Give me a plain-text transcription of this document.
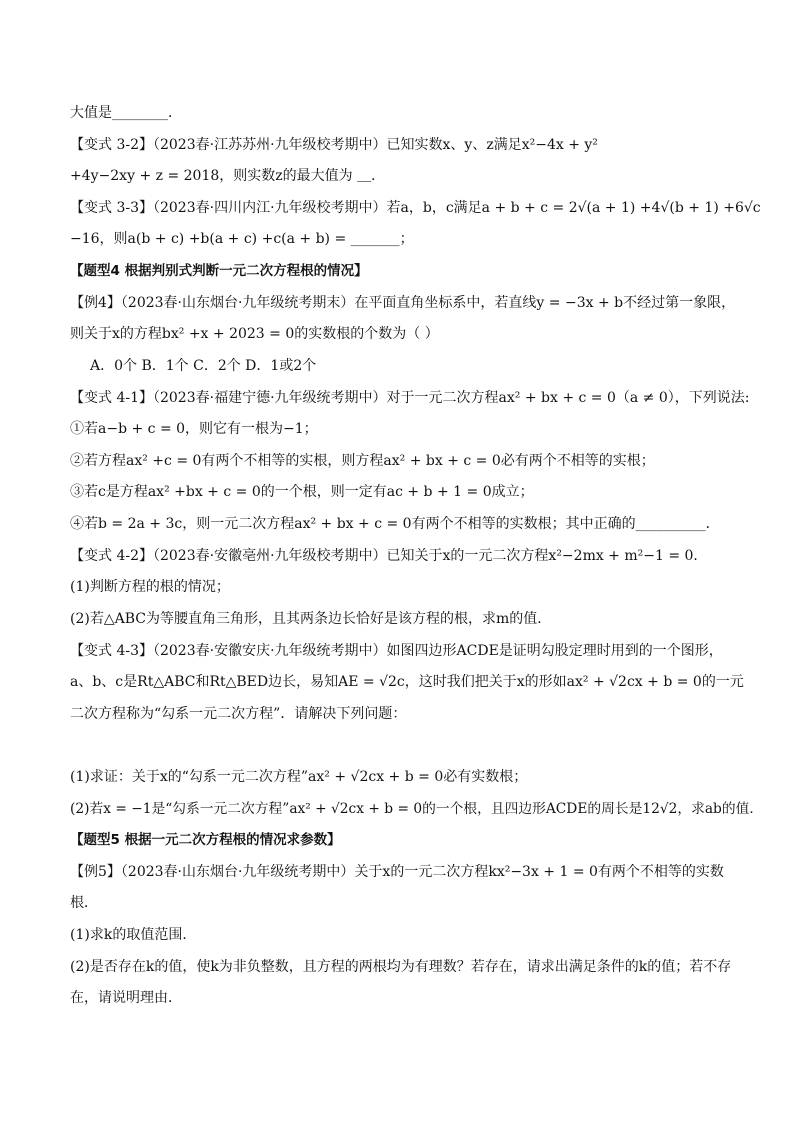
大值是________．
【变式 3-2】（2023春·江苏苏州·九年级校考期中）已知实数x、y、z满足x²−4x + y²
+4y−2xy + z = 2018，则实数z的最大值为 ＿．
【变式 3-3】（2023春·四川内江·九年级校考期中）若a，b，c满足a + b + c = 2√(a + 1) +4√(b + 1) +6√c
−16，则a(b + c) +b(a + c) +c(a + b) = _______；
【题型4 根据判别式判断一元二次方程根的情况】
【例4】（2023春·山东烟台·九年级统考期末）在平面直角坐标系中，若直线y = −3x + b不经过第一象限，
则关于x的方程bx² +x + 2023 = 0的实数根的个数为（ ）
A．0个 B．1个 C．2个 D．1或2个
【变式 4-1】（2023春·福建宁德·九年级统考期中）对于一元二次方程ax² + bx + c = 0（a ≠ 0），下列说法:
①若a−b + c = 0，则它有一根为−1；
②若方程ax² +c = 0有两个不相等的实根，则方程ax² + bx + c = 0必有两个不相等的实根；
③若c是方程ax² +bx + c = 0的一个根，则一定有ac + b + 1 = 0成立；
④若b = 2a + 3c，则一元二次方程ax² + bx + c = 0有两个不相等的实数根；其中正确的__________．
【变式 4-2】（2023春·安徽亳州·九年级校考期中）已知关于x的一元二次方程x²−2mx + m²−1 = 0．
(1)判断方程的根的情况；
(2)若△ABC为等腰直角三角形，且其两条边长恰好是该方程的根，求m的值．
【变式 4-3】（2023春·安徽安庆·九年级统考期中）如图四边形ACDE是证明勾股定理时用到的一个图形，
a、b、c是Rt△ABC和Rt△BED边长，易知AE = √2c，这时我们把关于x的形如ax² + √2cx + b = 0的一元
二次方程称为“勾系一元二次方程”．请解决下列问题：
(1)求证：关于x的“勾系一元二次方程”ax² + √2cx + b = 0必有实数根；
(2)若x = −1是“勾系一元二次方程”ax² + √2cx + b = 0的一个根，且四边形ACDE的周长是12√2，求ab的值．
【题型5 根据一元二次方程根的情况求参数】
【例5】（2023春·山东烟台·九年级统考期中）关于x的一元二次方程kx²−3x + 1 = 0有两个不相等的实数
根．
(1)求k的取值范围．
(2)是否存在k的值，使k为非负整数，且方程的两根均为有理数？若存在，请求出满足条件的k的值；若不存
在，请说明理由．
